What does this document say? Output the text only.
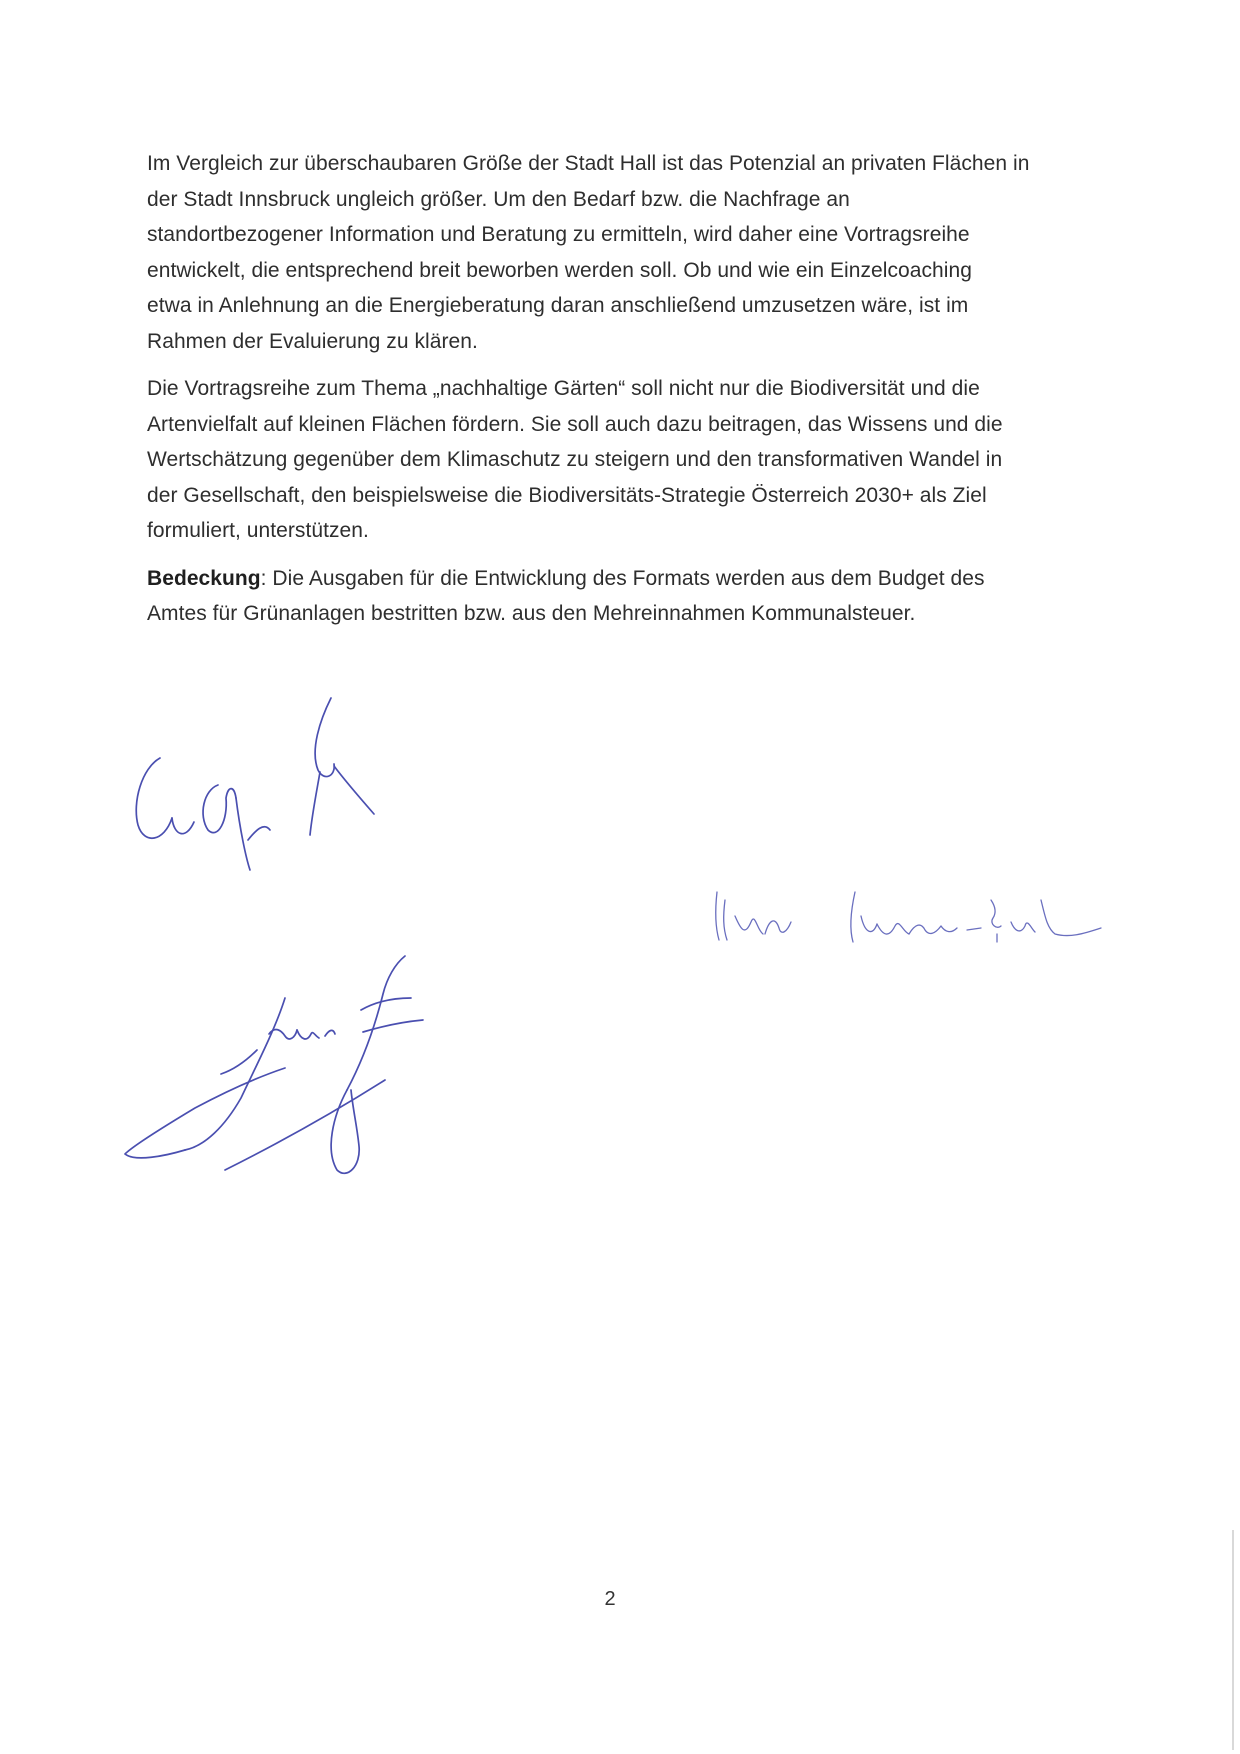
Im Vergleich zur überschaubaren Größe der Stadt Hall ist das Potenzial an privaten Flächen in
der Stadt Innsbruck ungleich größer. Um den Bedarf bzw. die Nachfrage an
standortbezogener Information und Beratung zu ermitteln, wird daher eine Vortragsreihe
entwickelt, die entsprechend breit beworben werden soll. Ob und wie ein Einzelcoaching
etwa in Anlehnung an die Energieberatung daran anschließend umzusetzen wäre, ist im
Rahmen der Evaluierung zu klären.

Die Vortragsreihe zum Thema „nachhaltige Gärten“ soll nicht nur die Biodiversität und die
Artenvielfalt auf kleinen Flächen fördern. Sie soll auch dazu beitragen, das Wissens und die
Wertschätzung gegenüber dem Klimaschutz zu steigern und den transformativen Wandel in
der Gesellschaft, den beispielsweise die Biodiversitäts-Strategie Österreich 2030+ als Ziel
formuliert, unterstützen.

Bedeckung: Die Ausgaben für die Entwicklung des Formats werden aus dem Budget des
Amtes für Grünanlagen bestritten bzw. aus den Mehreinnahmen Kommunalsteuer.

2
